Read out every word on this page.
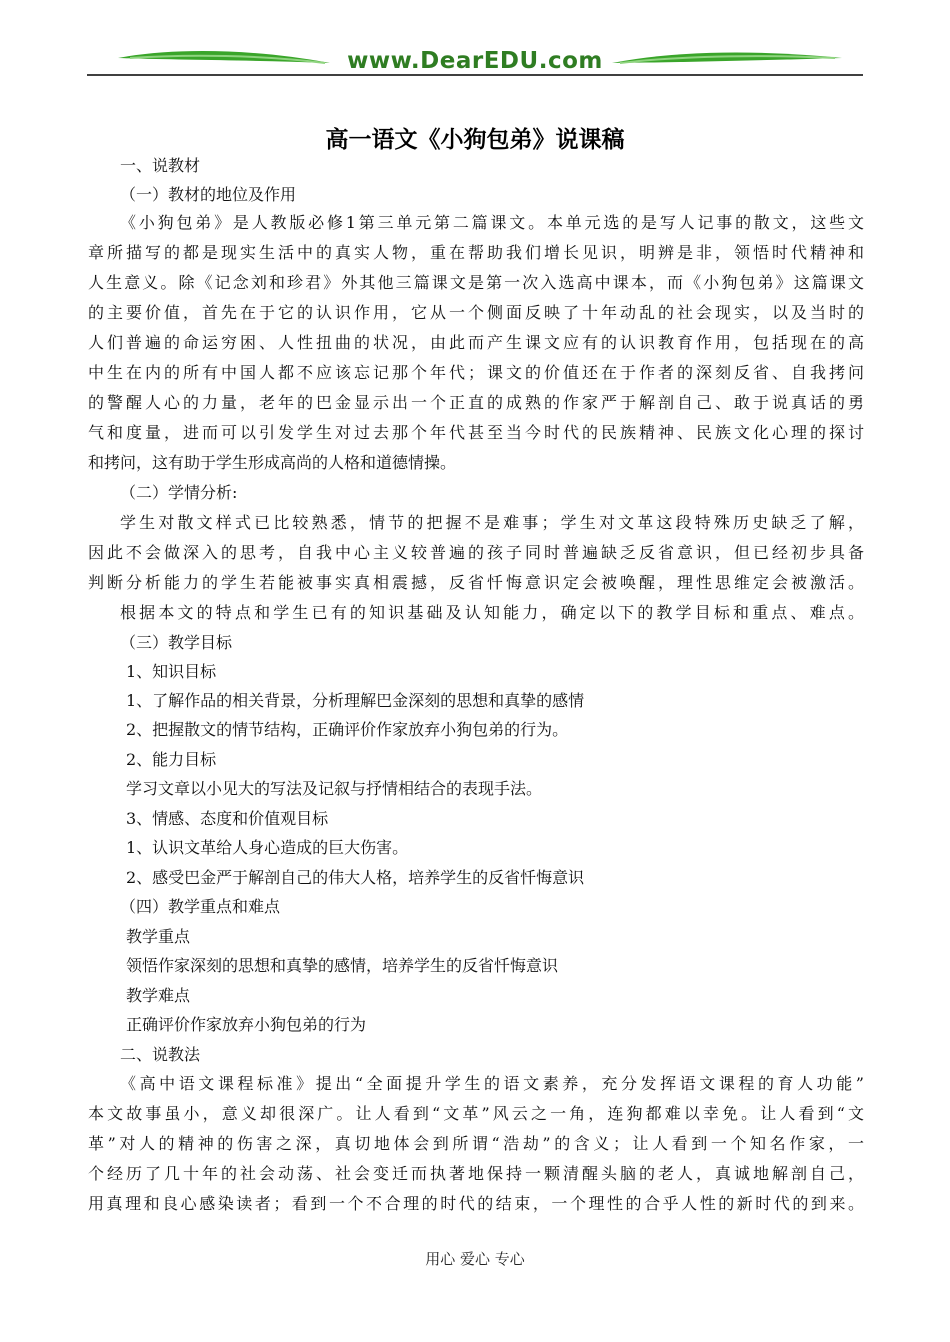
www.DearEDU.com
高一语文《小狗包弟》说课稿
一、说教材
（一）教材的地位及作用
《小狗包弟》是人教版必修1第三单元第二篇课文。本单元选的是写人记事的散文，这些文
章所描写的都是现实生活中的真实人物，重在帮助我们增长见识，明辨是非，领悟时代精神和
人生意义。除《记念刘和珍君》外其他三篇课文是第一次入选高中课本，而《小狗包弟》这篇课文
的主要价值，首先在于它的认识作用，它从一个侧面反映了十年动乱的社会现实，以及当时的
人们普遍的命运穷困、人性扭曲的状况，由此而产生课文应有的认识教育作用，包括现在的高
中生在内的所有中国人都不应该忘记那个年代；课文的价值还在于作者的深刻反省、自我拷问
的警醒人心的力量，老年的巴金显示出一个正直的成熟的作家严于解剖自己、敢于说真话的勇
气和度量，进而可以引发学生对过去那个年代甚至当今时代的民族精神、民族文化心理的探讨
和拷问，这有助于学生形成高尚的人格和道德情操。
（二）学情分析:
学生对散文样式已比较熟悉，情节的把握不是难事；学生对文革这段特殊历史缺乏了解，
因此不会做深入的思考，自我中心主义较普遍的孩子同时普遍缺乏反省意识，但已经初步具备
判断分析能力的学生若能被事实真相震撼，反省忏悔意识定会被唤醒，理性思维定会被激活。
根据本文的特点和学生已有的知识基础及认知能力，确定以下的教学目标和重点、难点。
（三）教学目标
1、知识目标
1、了解作品的相关背景，分析理解巴金深刻的思想和真挚的感情
2、把握散文的情节结构，正确评价作家放弃小狗包弟的行为。
2、能力目标
学习文章以小见大的写法及记叙与抒情相结合的表现手法。
3、情感、态度和价值观目标
1、认识文革给人身心造成的巨大伤害。
2、感受巴金严于解剖自己的伟大人格，培养学生的反省忏悔意识
（四）教学重点和难点
教学重点
领悟作家深刻的思想和真挚的感情，培养学生的反省忏悔意识
教学难点
正确评价作家放弃小狗包弟的行为
二、说教法
《高中语文课程标准》提出“全面提升学生的语文素养，充分发挥语文课程的育人功能”
本文故事虽小，意义却很深广。让人看到“文革”风云之一角，连狗都难以幸免。让人看到“文
革”对人的精神的伤害之深，真切地体会到所谓“浩劫”的含义；让人看到一个知名作家，一
个经历了几十年的社会动荡、社会变迁而执著地保持一颗清醒头脑的老人，真诚地解剖自己，
用真理和良心感染读者；看到一个不合理的时代的结束，一个理性的合乎人性的新时代的到来。
用心 爱心 专心
